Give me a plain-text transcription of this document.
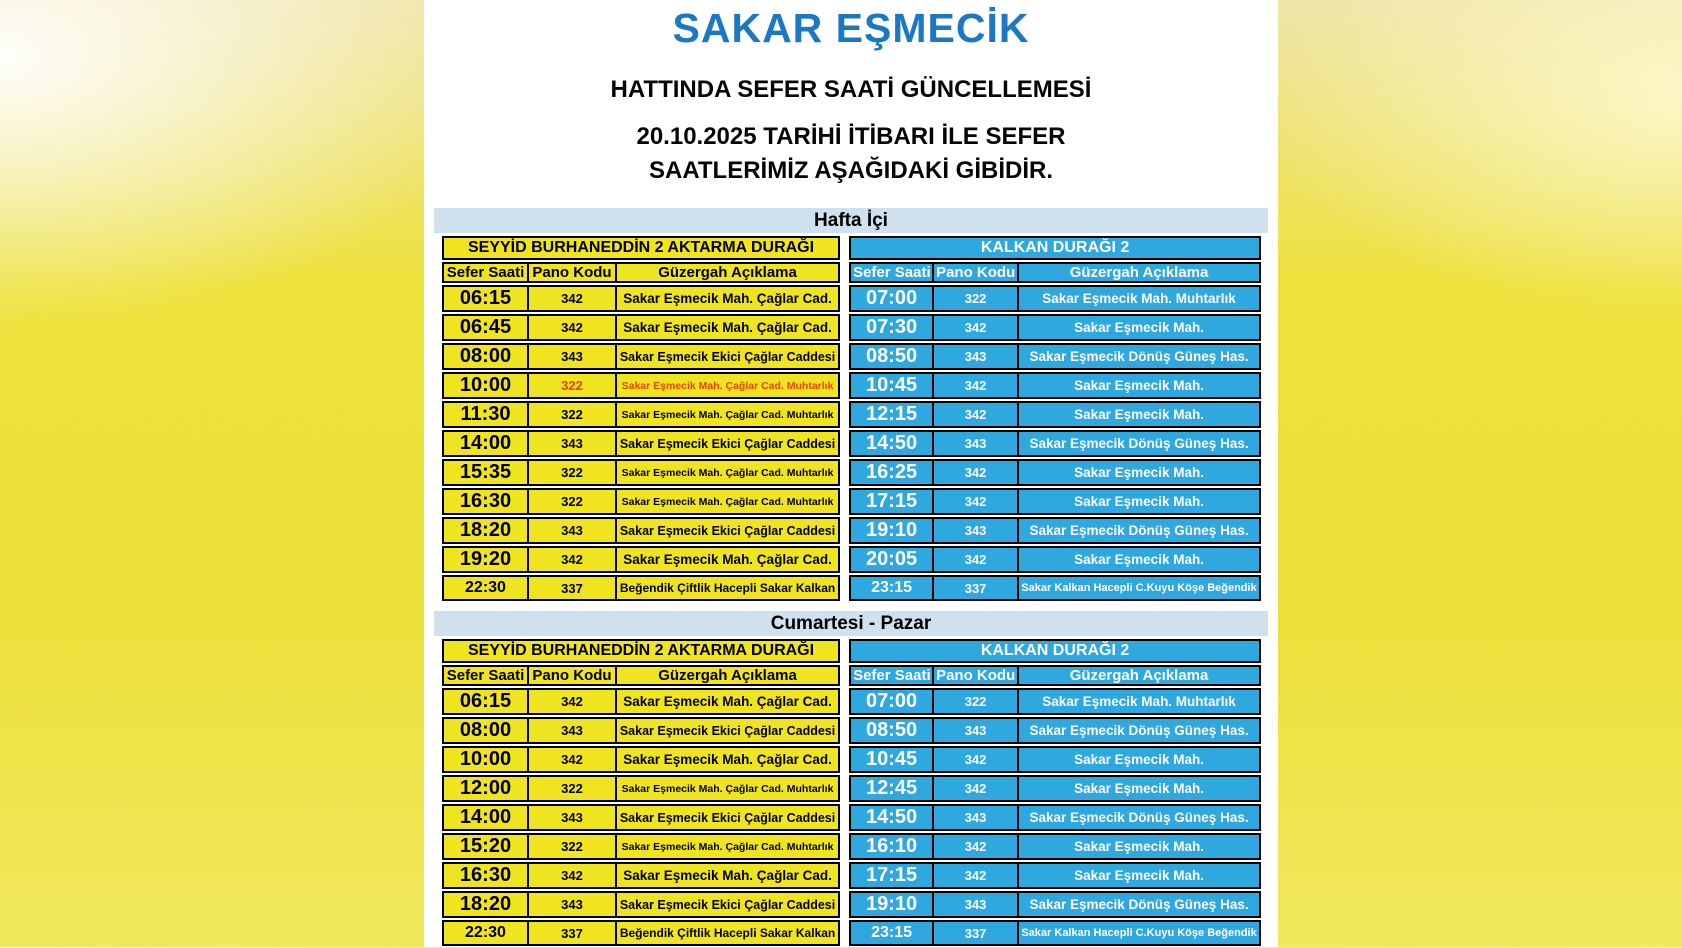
SAKAR EŞMECİK
HATTINDA SEFER SAATİ GÜNCELLEMESİ
20.10.2025 TARİHİ İTİBARI İLE SEFER
SAATLERİMİZ AŞAĞIDAKİ GİBİDİR.
Hafta İçi
SEYYİD BURHANEDDİN 2 AKTARMA DURAĞI		
Sefer Saati	Pano Kodu	Güzergah Açıklama
06:15	342	Sakar Eşmecik Mah. Çağlar Cad.
06:45	342	Sakar Eşmecik Mah. Çağlar Cad.
08:00	343	Sakar Eşmecik Ekici Çağlar Caddesi
10:00	322	Sakar Eşmecik Mah. Çağlar Cad. Muhtarlık
11:30	322	Sakar Eşmecik Mah. Çağlar Cad. Muhtarlık
14:00	343	Sakar Eşmecik Ekici Çağlar Caddesi
15:35	322	Sakar Eşmecik Mah. Çağlar Cad. Muhtarlık
16:30	322	Sakar Eşmecik Mah. Çağlar Cad. Muhtarlık
18:20	343	Sakar Eşmecik Ekici Çağlar Caddesi
19:20	342	Sakar Eşmecik Mah. Çağlar Cad.
22:30	337	Beğendik Çiftlik Hacepli Sakar Kalkan
KALKAN DURAĞI 2		
Sefer Saati	Pano Kodu	Güzergah Açıklama
07:00	322	Sakar Eşmecik Mah. Muhtarlık
07:30	342	Sakar Eşmecik Mah.
08:50	343	Sakar Eşmecik Dönüş Güneş Has.
10:45	342	Sakar Eşmecik Mah.
12:15	342	Sakar Eşmecik Mah.
14:50	343	Sakar Eşmecik Dönüş Güneş Has.
16:25	342	Sakar Eşmecik Mah.
17:15	342	Sakar Eşmecik Mah.
19:10	343	Sakar Eşmecik Dönüş Güneş Has.
20:05	342	Sakar Eşmecik Mah.
23:15	337	Sakar Kalkan Hacepli C.Kuyu Köşe Beğendik
Cumartesi - Pazar
SEYYİD BURHANEDDİN 2 AKTARMA DURAĞI		
Sefer Saati	Pano Kodu	Güzergah Açıklama
06:15	342	Sakar Eşmecik Mah. Çağlar Cad.
08:00	343	Sakar Eşmecik Ekici Çağlar Caddesi
10:00	342	Sakar Eşmecik Mah. Çağlar Cad.
12:00	322	Sakar Eşmecik Mah. Çağlar Cad. Muhtarlık
14:00	343	Sakar Eşmecik Ekici Çağlar Caddesi
15:20	322	Sakar Eşmecik Mah. Çağlar Cad. Muhtarlık
16:30	342	Sakar Eşmecik Mah. Çağlar Cad.
18:20	343	Sakar Eşmecik Ekici Çağlar Caddesi
22:30	337	Beğendik Çiftlik Hacepli Sakar Kalkan
KALKAN DURAĞI 2		
Sefer Saati	Pano Kodu	Güzergah Açıklama
07:00	322	Sakar Eşmecik Mah. Muhtarlık
08:50	343	Sakar Eşmecik Dönüş Güneş Has.
10:45	342	Sakar Eşmecik Mah.
12:45	342	Sakar Eşmecik Mah.
14:50	343	Sakar Eşmecik Dönüş Güneş Has.
16:10	342	Sakar Eşmecik Mah.
17:15	342	Sakar Eşmecik Mah.
19:10	343	Sakar Eşmecik Dönüş Güneş Has.
23:15	337	Sakar Kalkan Hacepli C.Kuyu Köşe Beğendik
